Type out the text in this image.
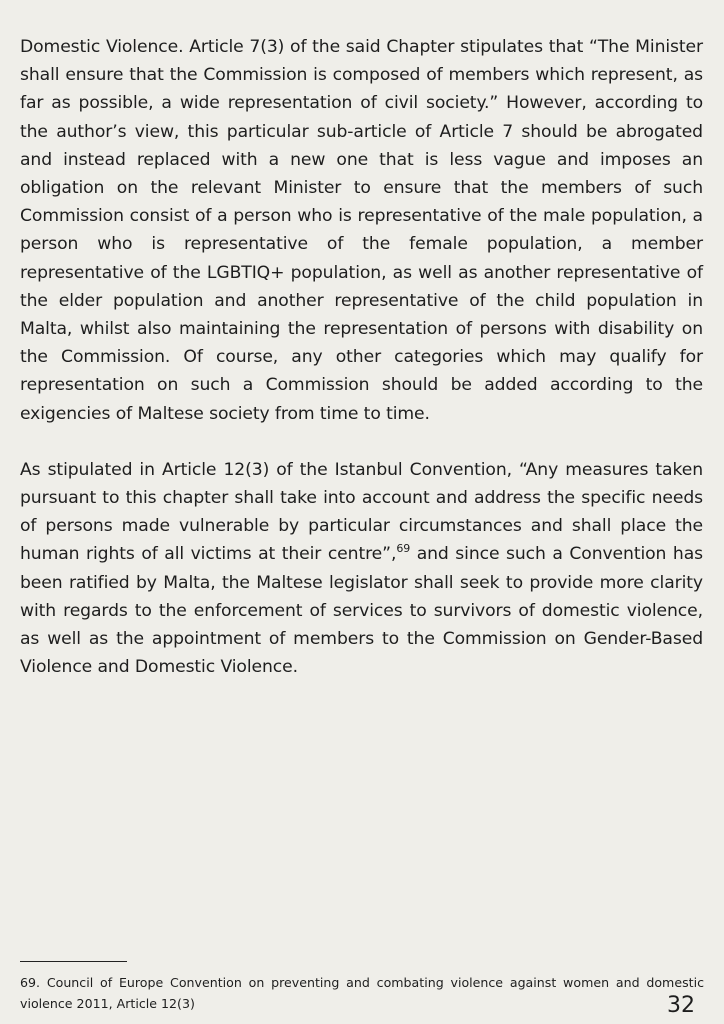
Domestic Violence. Article 7(3) of the said Chapter stipulates that “The Minister shall ensure that the Commission is composed of members which represent, as far as possible, a wide representation of civil society.” However, according to the author’s view, this particular sub-article of Article 7 should be abrogated and instead replaced with a new one that is less vague and imposes an obligation on the relevant Minister to ensure that the members of such Commission consist of a person who is representative of the male population, a person who is representative of the female population, a member representative of the LGBTIQ+ population, as well as another representative of the elder population and another representative of the child population in Malta, whilst also maintaining the representation of persons with disability on the Commission. Of course, any other categories which may qualify for representation on such a Commission should be added according to the exigencies of Maltese society from time to time.

As stipulated in Article 12(3) of the Istanbul Convention, “Any measures taken pursuant to this chapter shall take into account and address the specific needs of persons made vulnerable by particular circumstances and shall place the human rights of all victims at their centre”,$^{69}$ and since such a Convention has been ratified by Malta, the Maltese legislator shall seek to provide more clarity with regards to the enforcement of services to survivors of domestic violence, as well as the appointment of members to the Commission on Gender-Based Violence and Domestic Violence.

69. Council of Europe Convention on preventing and combating violence against women and domestic violence 2011, Article 12(3)	32
